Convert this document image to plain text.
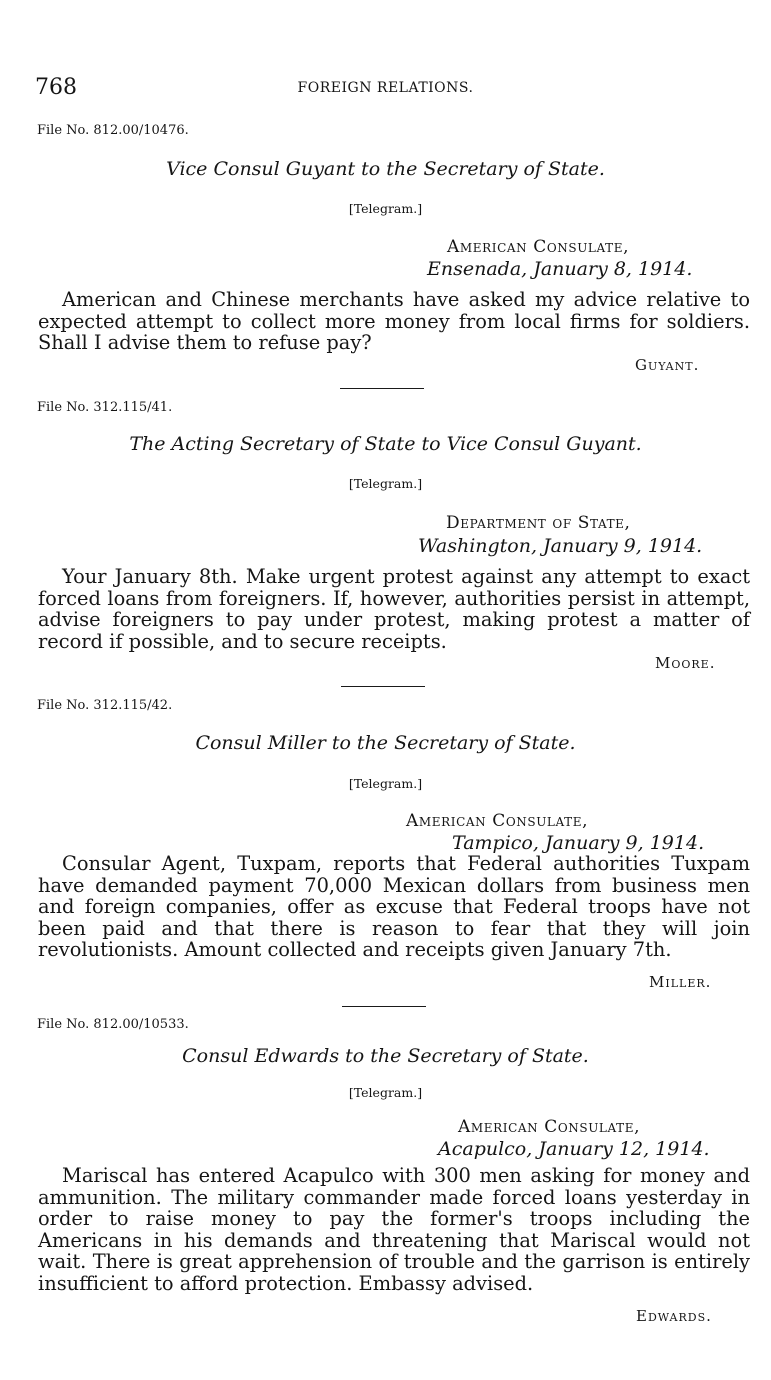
768	FOREIGN RELATIONS.
File No. 812.00/10476.
Vice Consul Guyant to the Secretary of State.
[Telegram.]
American Consulate,
Ensenada, January 8, 1914.

American and Chinese merchants have asked my advice relative to expected attempt to collect more money from local firms for soldiers. Shall I advise them to refuse pay?

Guyant.
File No. 312.115/41.
The Acting Secretary of State to Vice Consul Guyant.
[Telegram.]
Department of State,
Washington, January 9, 1914.

Your January 8th. Make urgent protest against any attempt to exact forced loans from foreigners. If, however, authorities persist in attempt, advise foreigners to pay under protest, making protest a matter of record if possible, and to secure receipts.

Moore.
File No. 312.115/42.
Consul Miller to the Secretary of State.
[Telegram.]
American Consulate,
Tampico, January 9, 1914.

Consular Agent, Tuxpam, reports that Federal authorities Tuxpam have demanded payment 70,000 Mexican dollars from business men and foreign companies, offer as excuse that Federal troops have not been paid and that there is reason to fear that they will join revolutionists. Amount collected and receipts given January 7th.

Miller.
File No. 812.00/10533.
Consul Edwards to the Secretary of State.
[Telegram.]
American Consulate,
Acapulco, January 12, 1914.

Mariscal has entered Acapulco with 300 men asking for money and ammunition. The military commander made forced loans yesterday in order to raise money to pay the former's troops including the Americans in his demands and threatening that Mariscal would not wait. There is great apprehension of trouble and the garrison is entirely insufficient to afford protection. Embassy advised.

Edwards.
